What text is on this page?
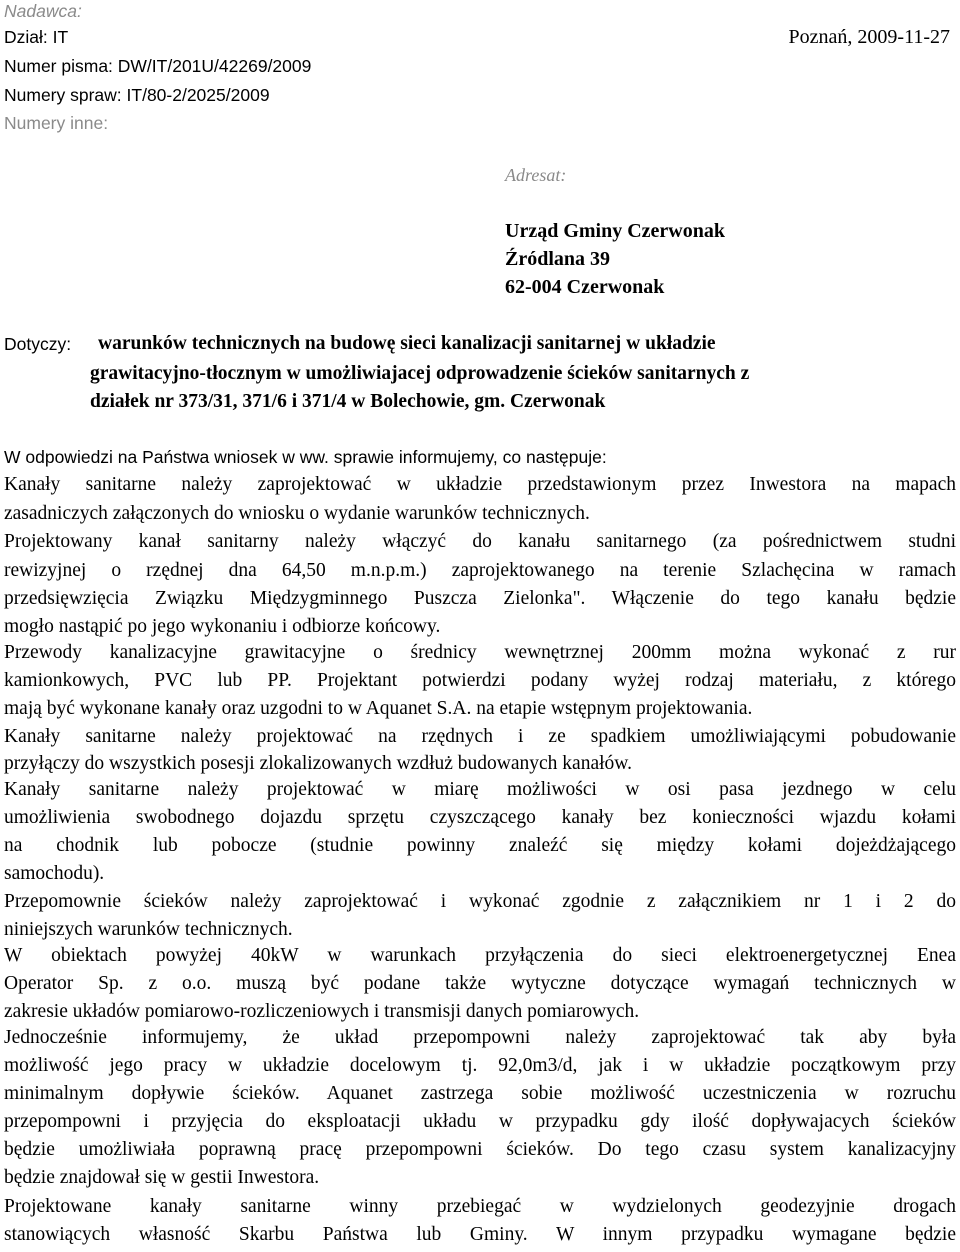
Nadawca:
Dział: IT
Numer pisma: DW/IT/201U/42269/2009
Numery spraw: IT/80-2/2025/2009
Numery inne:
Poznań, 2009-11-27
Adresat:
Urząd Gminy Czerwonak
Źródlana 39
62-004 Czerwonak
Dotyczy: warunków technicznych na budowę sieci kanalizacji sanitarnej w układzie
grawitacyjno-tłocznym w umożliwiajacej odprowadzenie ścieków sanitarnych z
działek nr 373/31, 371/6 i 371/4 w Bolechowie, gm. Czerwonak
W odpowiedzi na Państwa wniosek w ww. sprawie informujemy, co następuje:
Kanały sanitarne należy zaprojektować w układzie przedstawionym przez Inwestora na mapach
zasadniczych załączonych do wniosku o wydanie warunków technicznych.
Projektowany kanał sanitarny należy włączyć do kanału sanitarnego (za pośrednictwem studni
rewizyjnej o rzędnej dna 64,50 m.n.p.m.) zaprojektowanego na terenie Szlachęcina w ramach
przedsięwzięcia Związku Międzygminnego Puszcza Zielonka". Włączenie do tego kanału będzie
mogło nastąpić po jego wykonaniu i odbiorze końcowy.
Przewody kanalizacyjne grawitacyjne o średnicy wewnętrznej 200mm można wykonać z rur
kamionkowych, PVC lub PP. Projektant potwierdzi podany wyżej rodzaj materiału, z którego
mają być wykonane kanały oraz uzgodni to w Aquanet S.A. na etapie wstępnym projektowania.
Kanały sanitarne należy projektować na rzędnych i ze spadkiem umożliwiającymi pobudowanie
przyłączy do wszystkich posesji zlokalizowanych wzdłuż budowanych kanałów.
Kanały sanitarne należy projektować w miarę możliwości w osi pasa jezdnego w celu
umożliwienia swobodnego dojazdu sprzętu czyszczącego kanały bez konieczności wjazdu kołami
na chodnik lub pobocze (studnie powinny znaleźć się między kołami dojeżdżającego
samochodu).
Przepomownie ścieków należy zaprojektować i wykonać zgodnie z załącznikiem nr 1 i 2 do
niniejszych warunków technicznych.
W obiektach powyżej 40kW w warunkach przyłączenia do sieci elektroenergetycznej Enea
Operator Sp. z o.o. muszą być podane także wytyczne dotyczące wymagań technicznych w
zakresie układów pomiarowo-rozliczeniowych i transmisji danych pomiarowych.
Jednocześnie informujemy, że układ przepompowni należy zaprojektować tak aby była
możliwość jego pracy w układzie docelowym tj. 92,0m3/d, jak i w układzie początkowym przy
minimalnym dopływie ścieków. Aquanet zastrzega sobie możliwość uczestniczenia w rozruchu
przepompowni i przyjęcia do eksploatacji układu w przypadku gdy ilość dopływajacych ścieków
będzie umożliwiała poprawną pracę przepompowni ścieków. Do tego czasu system kanalizacyjny
będzie znajdował się w gestii Inwestora.
Projektowane kanały sanitarne winny przebiegać w wydzielonych geodezyjnie drogach
stanowiących własność Skarbu Państwa lub Gminy. W innym przypadku wymagane będzie
